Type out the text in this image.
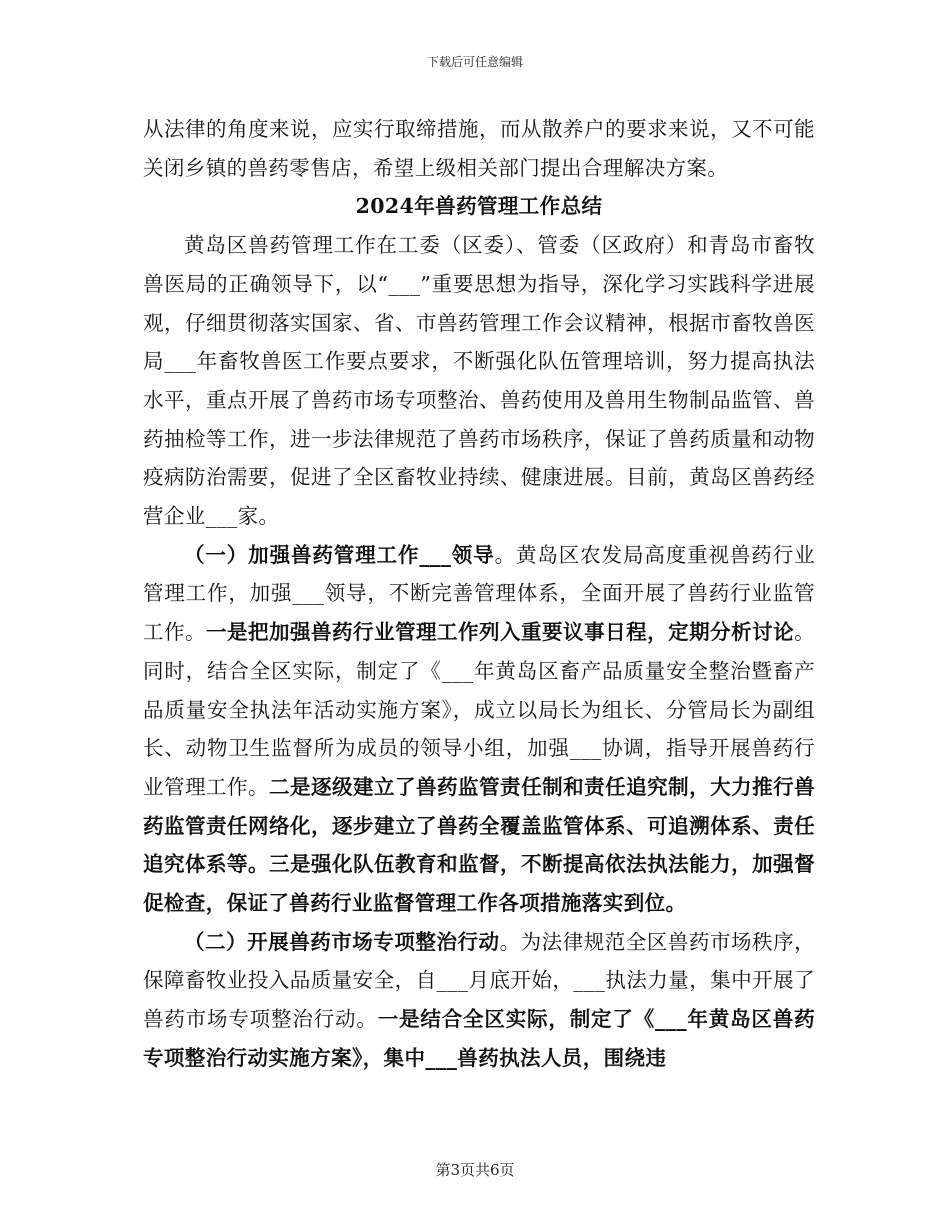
下载后可任意编辑

从法律的角度来说，应实行取缔措施，而从散养户的要求来说，又不可能关闭乡镇的兽药零售店，希望上级相关部门提出合理解决方案。

2024年兽药管理工作总结

黄岛区兽药管理工作在工委（区委）、管委（区政府）和青岛市畜牧兽医局的正确领导下，以“___”重要思想为指导，深化学习实践科学进展观，仔细贯彻落实国家、省、市兽药管理工作会议精神，根据市畜牧兽医局___年畜牧兽医工作要点要求，不断强化队伍管理培训，努力提高执法水平，重点开展了兽药市场专项整治、兽药使用及兽用生物制品监管、兽药抽检等工作，进一步法律规范了兽药市场秩序，保证了兽药质量和动物疫病防治需要，促进了全区畜牧业持续、健康进展。目前，黄岛区兽药经营企业___家。

（一）加强兽药管理工作___领导。黄岛区农发局高度重视兽药行业管理工作，加强___领导，不断完善管理体系，全面开展了兽药行业监管工作。一是把加强兽药行业管理工作列入重要议事日程，定期分析讨论。同时，结合全区实际，制定了《___年黄岛区畜产品质量安全整治暨畜产品质量安全执法年活动实施方案》，成立以局长为组长、分管局长为副组长、动物卫生监督所为成员的领导小组，加强___协调，指导开展兽药行业管理工作。二是逐级建立了兽药监管责任制和责任追究制，大力推行兽药监管责任网络化，逐步建立了兽药全覆盖监管体系、可追溯体系、责任追究体系等。三是强化队伍教育和监督，不断提高依法执法能力，加强督促检查，保证了兽药行业监督管理工作各项措施落实到位。

（二）开展兽药市场专项整治行动。为法律规范全区兽药市场秩序，保障畜牧业投入品质量安全，自___月底开始，___执法力量，集中开展了兽药市场专项整治行动。一是结合全区实际，制定了《___年黄岛区兽药专项整治行动实施方案》，集中___兽药执法人员，围绕违

第3页共6页
